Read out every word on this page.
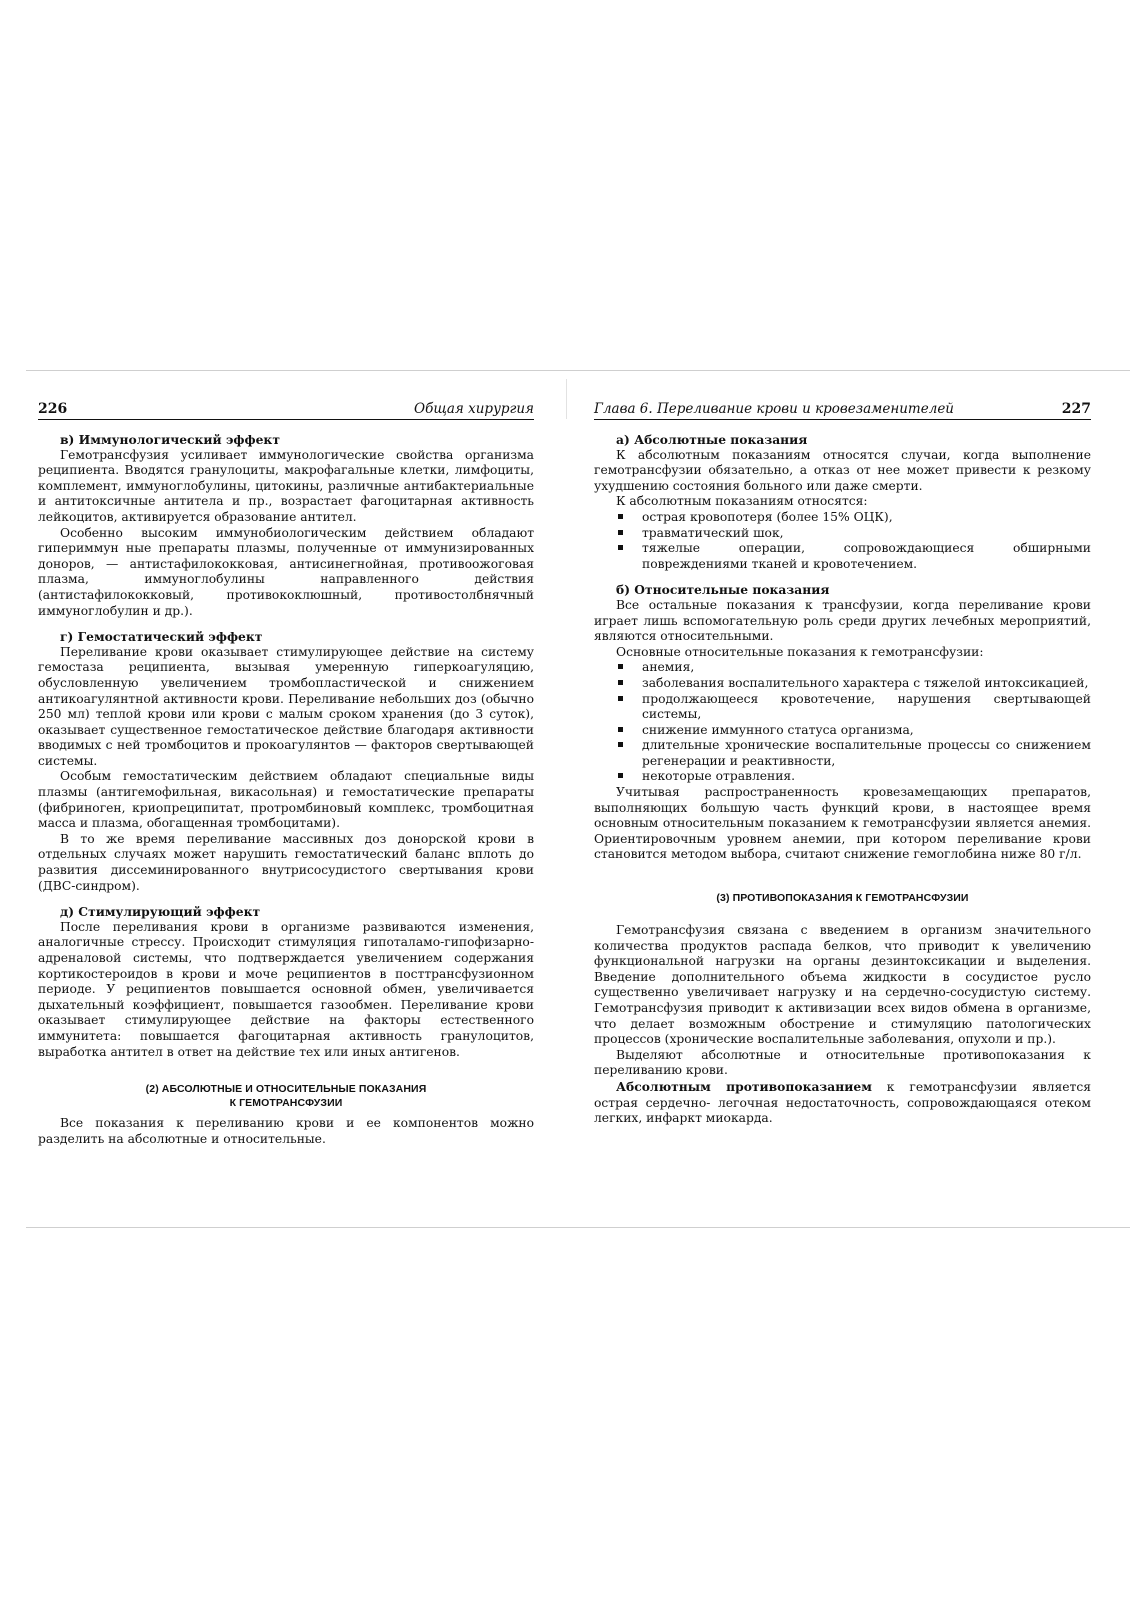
226	Общая хирургия
в) Иммунологический эффект

Гемотрансфузия усиливает иммунологические свойства организма реципиента. Вводятся гранулоциты, макрофагальные клетки, лимфоциты, комплемент, иммуноглобулины, цитокины, различные антибактериальные и антитоксичные антитела и пр., возрастает фагоцитарная активность лейкоцитов, активируется образование антител.

Особенно высоким иммунобиологическим действием обладают гипериммун ные препараты плазмы, полученные от иммунизированных доноров, — антистафилококковая, антисинегнойная, противоожоговая плазма, иммуноглобулины направленного действия (антистафилококковый, противококлюшный, противостолбнячный иммуноглобулин и др.).

г) Гемостатический эффект

Переливание крови оказывает стимулирующее действие на систему гемостаза реципиента, вызывая умеренную гиперкоагуляцию, обусловленную увеличением тромбопластической и снижением антикоагулянтной активности крови. Переливание небольших доз (обычно 250 мл) теплой крови или крови с малым сроком хранения (до 3 суток), оказывает существенное гемостатическое действие благодаря активности вводимых с ней тромбоцитов и прокоагулянтов — факторов свертывающей системы.

Особым гемостатическим действием обладают специальные виды плазмы (антигемофильная, викасольная) и гемостатические препараты (фибриноген, криопреципитат, протромбиновый комплекс, тромбоцитная масса и плазма, обогащенная тромбоцитами).

В то же время переливание массивных доз донорской крови в отдельных случаях может нарушить гемостатический баланс вплоть до развития диссеминированного внутрисосудистого свертывания крови (ДВС-синдром).

д) Стимулирующий эффект

После переливания крови в организме развиваются изменения, аналогичные стрессу. Происходит стимуляция гипоталамо-гипофизарно-адреналовой системы, что подтверждается увеличением содержания кортикостероидов в крови и моче реципиентов в посттрансфузионном периоде. У реципиентов повышается основной обмен, увеличивается дыхательный коэффициент, повышается газообмен. Переливание крови оказывает стимулирующее действие на факторы естественного иммунитета: повышается фагоцитарная активность гранулоцитов, выработка антител в ответ на действие тех или иных антигенов.

(2) АБСОЛЮТНЫЕ И ОТНОСИТЕЛЬНЫЕ ПОКАЗАНИЯ
К ГЕМОТРАНСФУЗИИ

Все показания к переливанию крови и ее компонентов можно разделить на абсолютные и относительные.

Глава 6. Переливание крови и кровезаменителей	227
а) Абсолютные показания

К абсолютным показаниям относятся случаи, когда выполнение гемотрансфузии обязательно, а отказ от нее может привести к резкому ухудшению состояния больного или даже смерти.

К абсолютным показаниям относятся:

острая кровопотеря (более 15% ОЦК),
травматический шок,
тяжелые операции, сопровождающиеся обширными повреждениями тканей и кровотечением.
б) Относительные показания

Все остальные показания к трансфузии, когда переливание крови играет лишь вспомогательную роль среди других лечебных мероприятий, являются относительными.

Основные относительные показания к гемотрансфузии:

анемия,
заболевания воспалительного характера с тяжелой интоксикацией,
продолжающееся кровотечение, нарушения свертывающей системы,
снижение иммунного статуса организма,
длительные хронические воспалительные процессы со снижением регенерации и реактивности,
некоторые отравления.

Учитывая распространенность кровезамещающих препаратов, выполняющих большую часть функций крови, в настоящее время основным относительным показанием к гемотрансфузии является анемия. Ориентировочным уровнем анемии, при котором переливание крови становится методом выбора, считают снижение гемоглобина ниже 80 г/л.

(3) ПРОТИВОПОКАЗАНИЯ К ГЕМОТРАНСФУЗИИ

Гемотрансфузия связана с введением в организм значительного количества продуктов распада белков, что приводит к увеличению функциональной нагрузки на органы дезинтоксикации и выделения. Введение дополнительного объема жидкости в сосудистое русло существенно увеличивает нагрузку и на сердечно-сосудистую систему. Гемотрансфузия приводит к активизации всех видов обмена в организме, что делает возможным обострение и стимуляцию патологических процессов (хронические воспалительные заболевания, опухоли и пр.).

Выделяют абсолютные и относительные противопоказания к переливанию крови.

Абсолютным противопоказанием к гемотрансфузии является острая сердечно- легочная недостаточность, сопровождающаяся отеком легких, инфаркт миокарда.
